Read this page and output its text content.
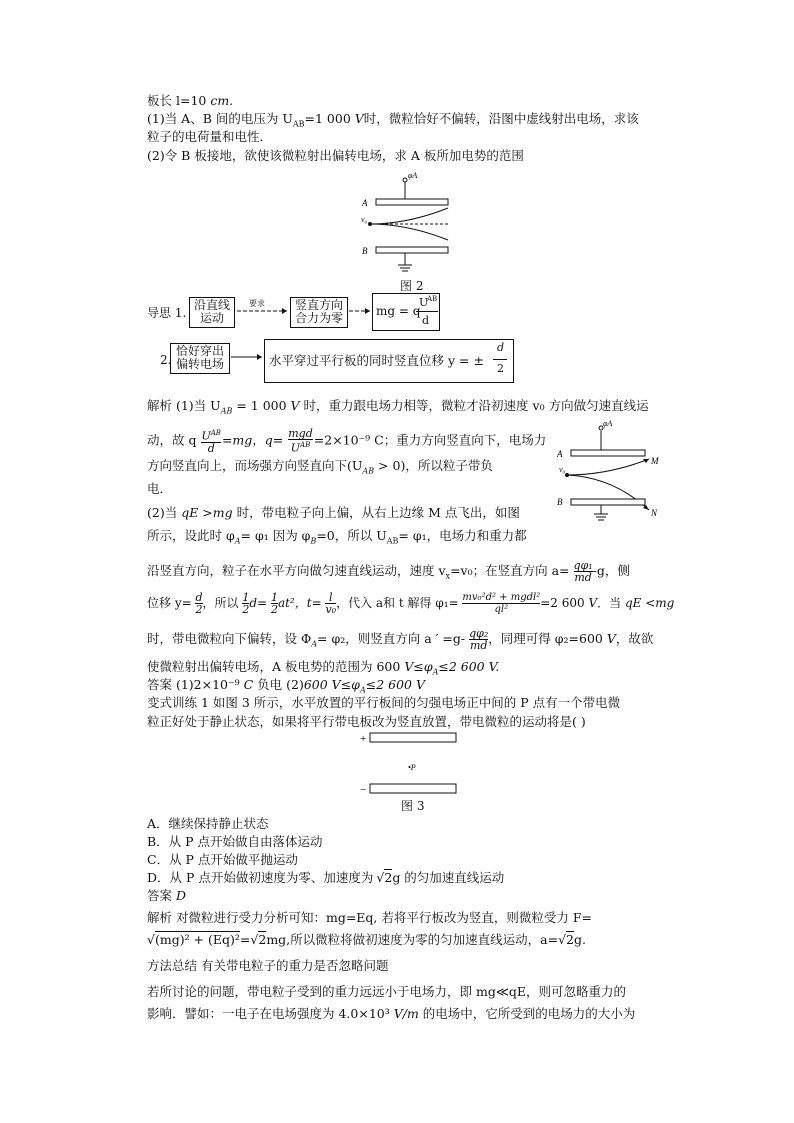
板长 l=10 cm.
(1)当 A、B 间的电压为 $U_{AB}=1$ 000 V时，微粒恰好不偏转，沿图中虚线射出电场，求该
粒子的电荷量和电性．
(2)令 B 板接地，欲使该微粒射出偏转电场，求 A 板所加电势的范围
A
φA
v₀
B
图 2
导思 1.
沿直线运动
要求	竖直方向合力为零	mg = q
U
AB
d
2.
恰好穿出偏转电场	水平穿过平行板的同时竖直位移 y = ±
d
2
φA
A
M
N
v₀
B
解析 (1)当 $U_{AB} = 1$ 000 V 时，重力跟电场力相等，微粒才沿初速度 v₀ 方向做匀速直线运
动，故 q $U^{AB}$
d
=mg，q= mgd
$U^{AB} =2\times 10^{-9}$ C；重力方向竖直向下，电场力
方向竖直向上，而场强方向竖直向下$(U_{AB} > 0)$，所以粒子带负
电．
(2)当 qE >mg 时，带电粒子向上偏，从右上边缘 M 点飞出，如图
所示，设此时 $\varphi_A= \varphi_1$ 因为 $\varphi_B=0$，所以 $U_{AB}= \varphi_1$，电场力和重力都
沿竖直方向，粒子在水平方向做匀速直线运动，速度 $v_x=v_0$；在竖直方向 $a= \frac{\text{qφ₁}}{md} -g$，侧
位移 $y= \frac{d}{2}$ ，所以 $\frac{1}{2} d= \frac{1}{2} at^2$，$t= \frac{l}{\text{v₀}}$ ，代入 a和 t 解得 φ₁= mv₀²d² + mgdl²
ql²	=2 600 V．当 qE <mg
时，带电微粒向下偏转，设 $\Phi_A= \varphi_2$，则竖直方向 a ′ $=g- \frac{\text{qφ₂}}{md}$ ，同理可得 φ₂=600 V，故欲
使微粒射出偏转电场，A 板电势的范围为 600 $V\le\varphi_A\le 2$ 600 V.
答案 (1)2×10⁻⁹ C 负电 (2)600 $V\le\varphi_A\le 2$ 600 V
变式训练 1 如图 3 所示，水平放置的平行板间的匀强电场正中间的 P 点有一个带电微
粒正好处于静止状态，如果将平行带电板改为竖直放置，带电微粒的运动将是( )
+
•P
−
图 3
A．继续保持静止状态
B．从 P 点开始做自由落体运动
C．从 P 点开始做平抛运动
D．从 P 点开始做初速度为零、加速度为 √2g 的匀加速直线运动
答案 D
解析 对微粒进行受力分析可知：mg=Eq, 若将平行板改为竖直，则微粒受力 F=
√(mg)² + (Eq)²=√2mg,所以微粒将做初速度为零的匀加速直线运动，a=√2g.
方法总结 有关带电粒子的重力是否忽略问题
若所讨论的问题，带电粒子受到的重力远远小于电场力，即 mg≪qE，则可忽略重力的
影响．譬如：一电子在电场强度为 4.0×10³ V/m 的电场中，它所受到的电场力的大小为
